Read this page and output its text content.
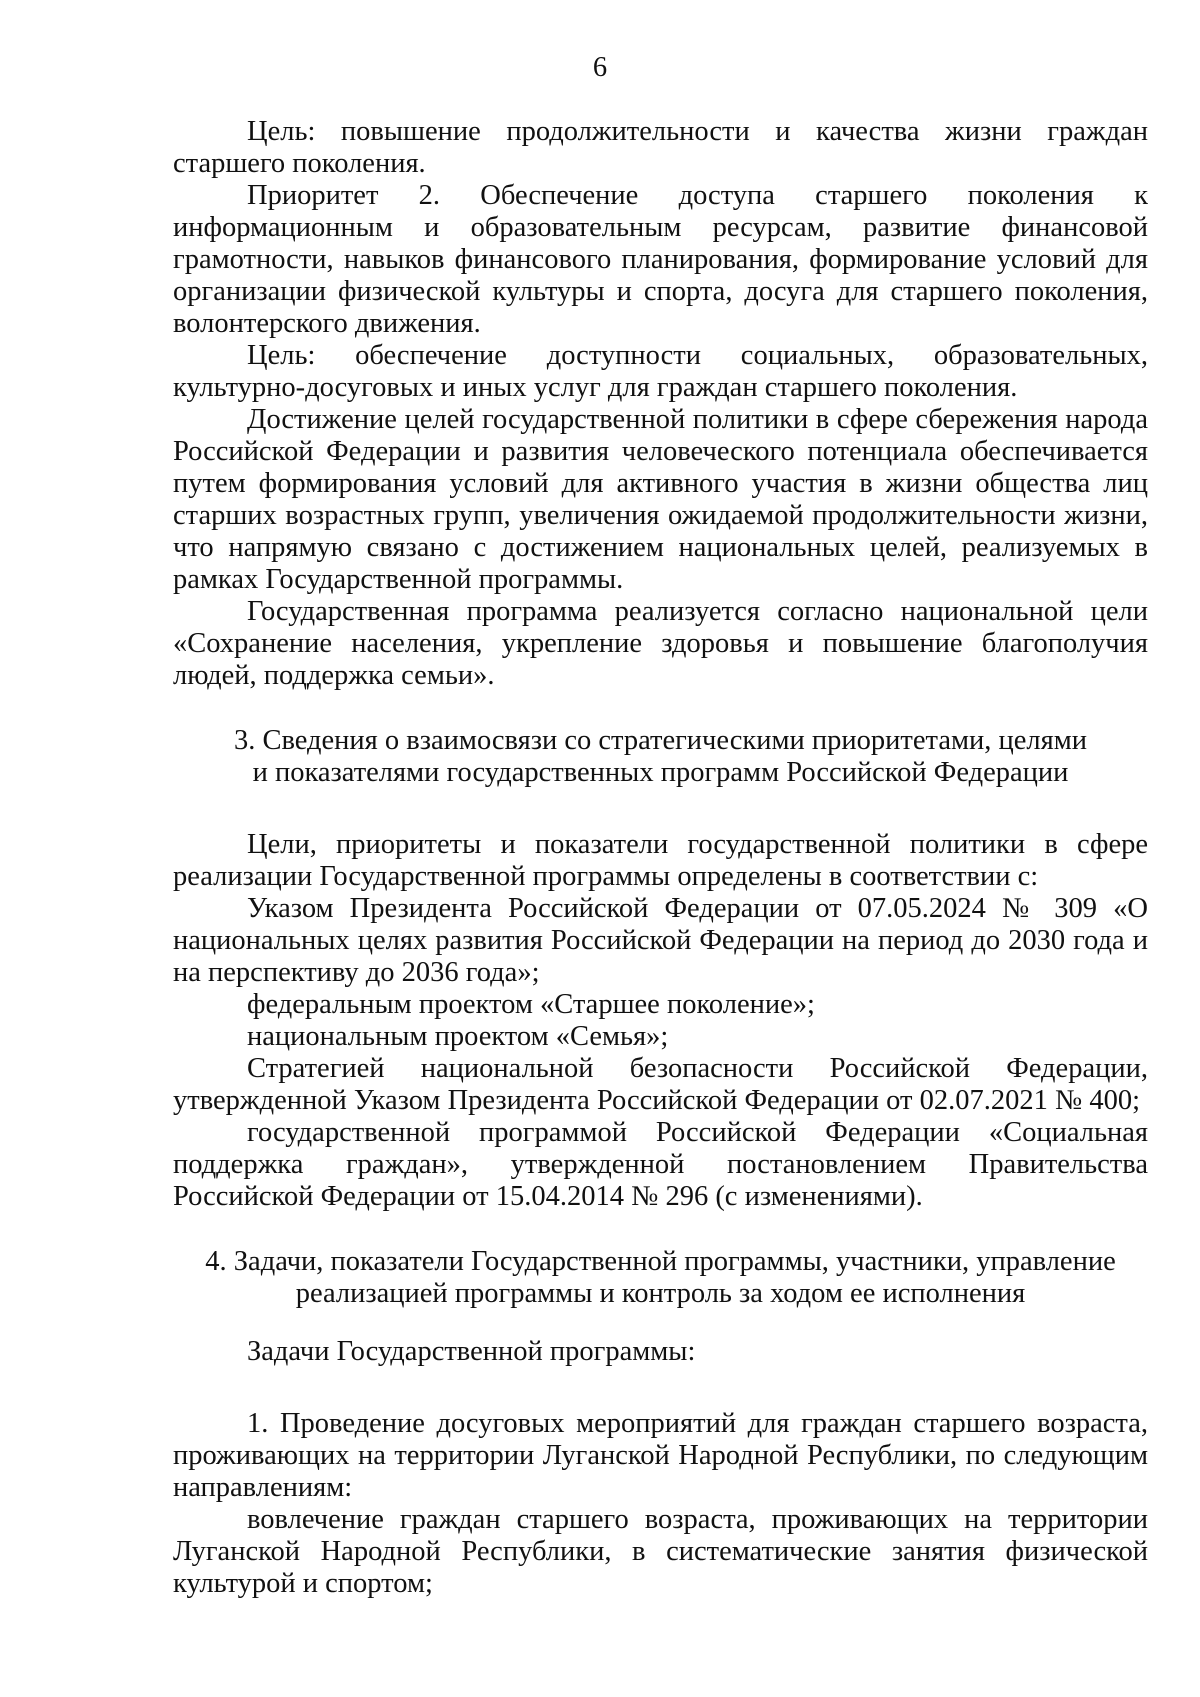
6

Цель: повышение продолжительности и качества жизни граждан старшего поколения.

Приоритет 2. Обеспечение доступа старшего поколения к информационным и образовательным ресурсам, развитие финансовой грамотности, навыков финансового планирования, формирование условий для организации физической культуры и спорта, досуга для старшего поколения, волонтерского движения.

Цель: обеспечение доступности социальных, образовательных, культурно-досуговых и иных услуг для граждан старшего поколения.

Достижение целей государственной политики в сфере сбережения народа Российской Федерации и развития человеческого потенциала обеспечивается путем формирования условий для активного участия в жизни общества лиц старших возрастных групп, увеличения ожидаемой продолжительности жизни, что напрямую связано с достижением национальных целей, реализуемых в рамках Государственной программы.

Государственная программа реализуется согласно национальной цели «Сохранение населения, укрепление здоровья и повышение благополучия людей, поддержка семьи».

3. Сведения о взаимосвязи со стратегическими приоритетами, целями

и показателями государственных программ Российской Федерации

Цели, приоритеты и показатели государственной политики в сфере реализации Государственной программы определены в соответствии с:

Указом Президента Российской Федерации от 07.05.2024 № 309 «О национальных целях развития Российской Федерации на период до 2030 года и на перспективу до 2036 года»;

федеральным проектом «Старшее поколение»;

национальным проектом «Семья»;

Стратегией национальной безопасности Российской Федерации, утвержденной Указом Президента Российской Федерации от 02.07.2021 № 400;

государственной программой Российской Федерации «Социальная поддержка граждан», утвержденной постановлением Правительства Российской Федерации от 15.04.2014 № 296 (с изменениями).

4. Задачи, показатели Государственной программы, участники, управление

реализацией программы и контроль за ходом ее исполнения

Задачи Государственной программы:

1. Проведение досуговых мероприятий для граждан старшего возраста, проживающих на территории Луганской Народной Республики, по следующим направлениям:

вовлечение граждан старшего возраста, проживающих на территории Луганской Народной Республики, в систематические занятия физической культурой и спортом;
